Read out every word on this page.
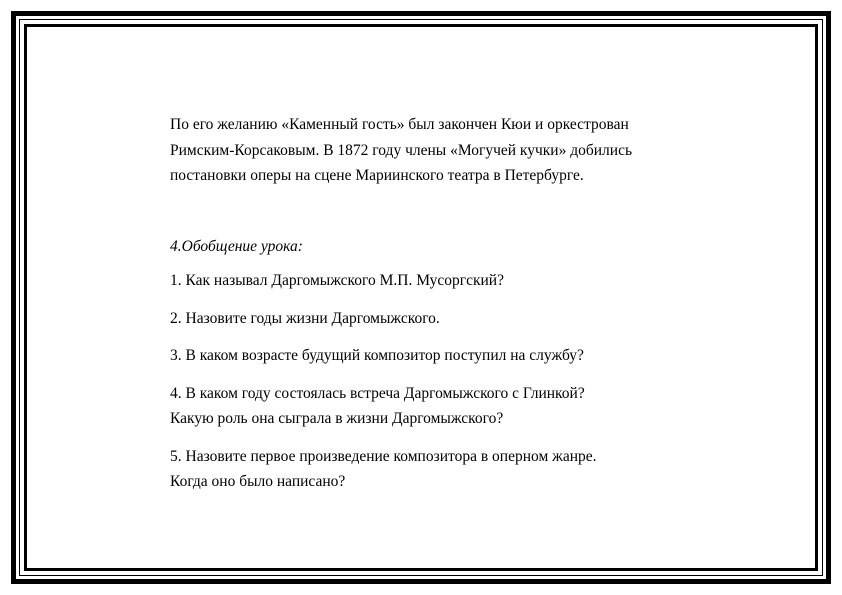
По его желанию «Каменный гость» был закончен Кюи и оркестрован
Римским-Корсаковым. В 1872 году члены «Могучей кучки» добились
постановки оперы на сцене Мариинского театра в Петербурге.

4.Обобщение урока:

1. Как называл Даргомыжского М.П. Мусоргский?

2. Назовите годы жизни Даргомыжского.

3. В каком возрасте будущий композитор поступил на службу?

4. В каком году состоялась встреча Даргомыжского с Глинкой?
Какую роль она сыграла в жизни Даргомыжского?

5. Назовите первое произведение композитора в оперном жанре.
Когда оно было написано?
